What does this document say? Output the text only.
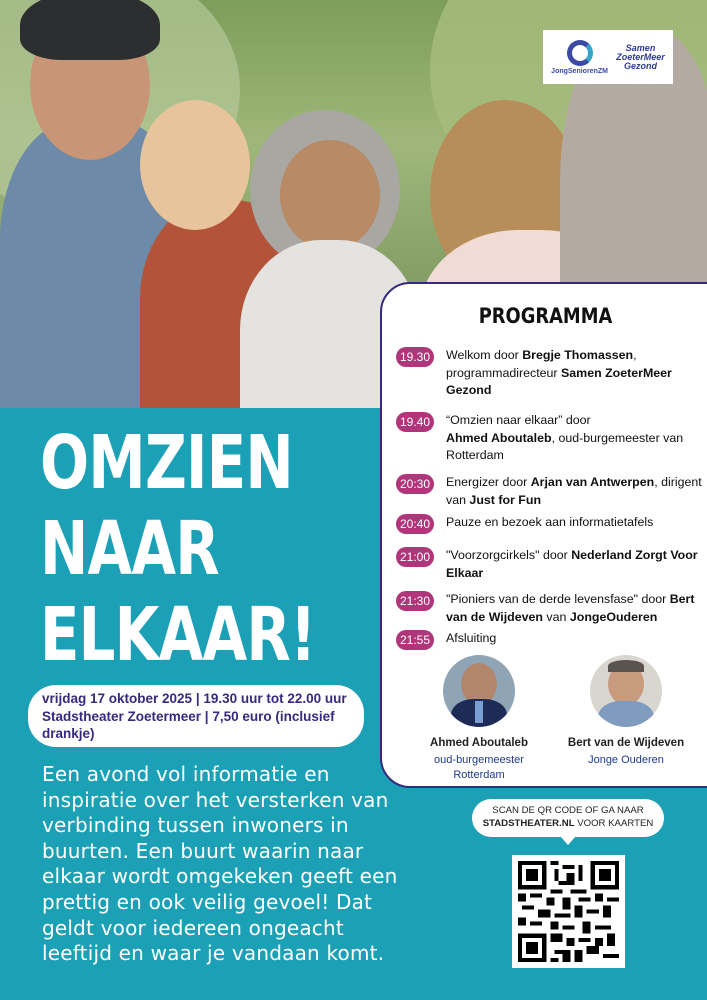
JongSeniorenZM
Samen
ZoeterMeer
Gezond
OMZIEN
NAAR
ELKAAR!
vrijdag 17 oktober 2025 | 19.30 uur tot 22.00 uur
Stadstheater Zoetermeer | 7,50 euro (inclusief
drankje)
Een avond vol informatie en inspiratie over het versterken van verbinding tussen inwoners in buurten. Een buurt waarin naar elkaar wordt omgekeken geeft een prettig en ook veilig gevoel! Dat geldt voor iedereen ongeacht leeftijd en waar je vandaan komt.
PROGRAMMA
19.30	Welkom door Bregje Thomassen, programmadirecteur Samen ZoeterMeer Gezond
19.40	“Omzien naar elkaar” door
Ahmed Aboutaleb, oud-burgemeester van Rotterdam
20:30	Energizer door Arjan van Antwerpen, dirigent van Just for Fun
20:40	Pauze en bezoek aan informatietafels
21:00	"Voorzorgcirkels" door Nederland Zorgt Voor Elkaar
21:30	"Pioniers van de derde levensfase" door Bert van de Wijdeven van JongeOuderen
21:55	Afsluiting
Ahmed Aboutaleb
oud-burgemeester
Rotterdam
Bert van de Wijdeven
Jonge Ouderen
SCAN DE QR CODE OF GA NAAR
STADSTHEATER.NL VOOR KAARTEN
